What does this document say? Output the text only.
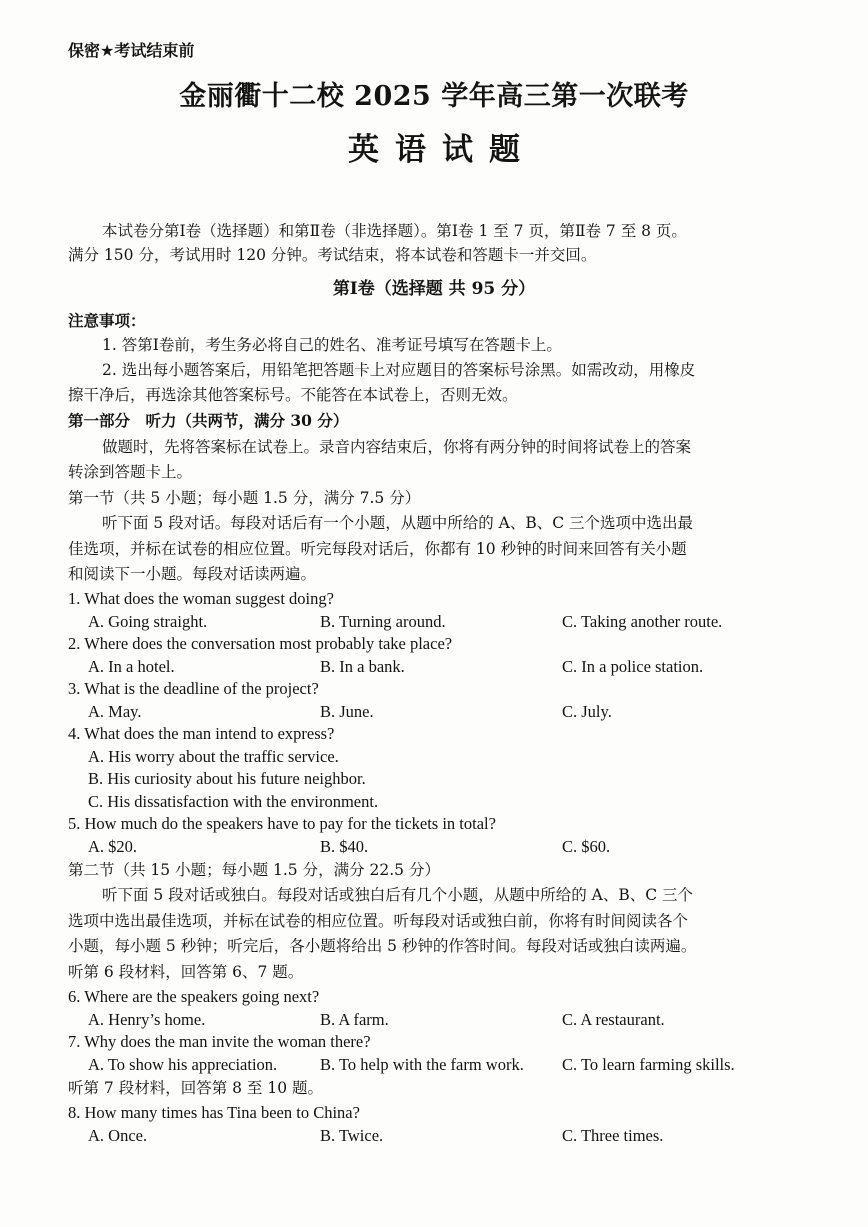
保密★考试结束前
金丽衢十二校 2025 学年高三第一次联考
英语试题
本试卷分第Ⅰ卷（选择题）和第Ⅱ卷（非选择题）。第Ⅰ卷 1 至 7 页，第Ⅱ卷 7 至 8 页。
满分 150 分，考试用时 120 分钟。考试结束，将本试卷和答题卡一并交回。
第Ⅰ卷（选择题 共 95 分）
注意事项：
1. 答第Ⅰ卷前，考生务必将自己的姓名、准考证号填写在答题卡上。
2. 选出每小题答案后，用铅笔把答题卡上对应题目的答案标号涂黑。如需改动，用橡皮
擦干净后，再选涂其他答案标号。不能答在本试卷上，否则无效。
第一部分　听力（共两节，满分 30 分）
做题时，先将答案标在试卷上。录音内容结束后，你将有两分钟的时间将试卷上的答案
转涂到答题卡上。
第一节（共 5 小题；每小题 1.5 分，满分 7.5 分）
听下面 5 段对话。每段对话后有一个小题，从题中所给的 A、B、C 三个选项中选出最
佳选项，并标在试卷的相应位置。听完每段对话后，你都有 10 秒钟的时间来回答有关小题
和阅读下一小题。每段对话读两遍。
1. What does the woman suggest doing?
A. Going straight.	B. Turning around.	C. Taking another route.
2. Where does the conversation most probably take place?
A. In a hotel.	B. In a bank.	C. In a police station.
3. What is the deadline of the project?
A. May.	B. June.	C. July.
4. What does the man intend to express?
A. His worry about the traffic service.
B. His curiosity about his future neighbor.
C. His dissatisfaction with the environment.
5. How much do the speakers have to pay for the tickets in total?
A. $20.	B. $40.	C. $60.
第二节（共 15 小题；每小题 1.5 分，满分 22.5 分）
听下面 5 段对话或独白。每段对话或独白后有几个小题，从题中所给的 A、B、C 三个
选项中选出最佳选项，并标在试卷的相应位置。听每段对话或独白前，你将有时间阅读各个
小题，每小题 5 秒钟；听完后，各小题将给出 5 秒钟的作答时间。每段对话或独白读两遍。
听第 6 段材料，回答第 6、7 题。
6. Where are the speakers going next?
A. Henry’s home.	B. A farm.	C. A restaurant.
7. Why does the man invite the woman there?
A. To show his appreciation.	B. To help with the farm work. C. To learn farming skills.
听第 7 段材料，回答第 8 至 10 题。
8. How many times has Tina been to China?
A. Once.	B. Twice.	C. Three times.
